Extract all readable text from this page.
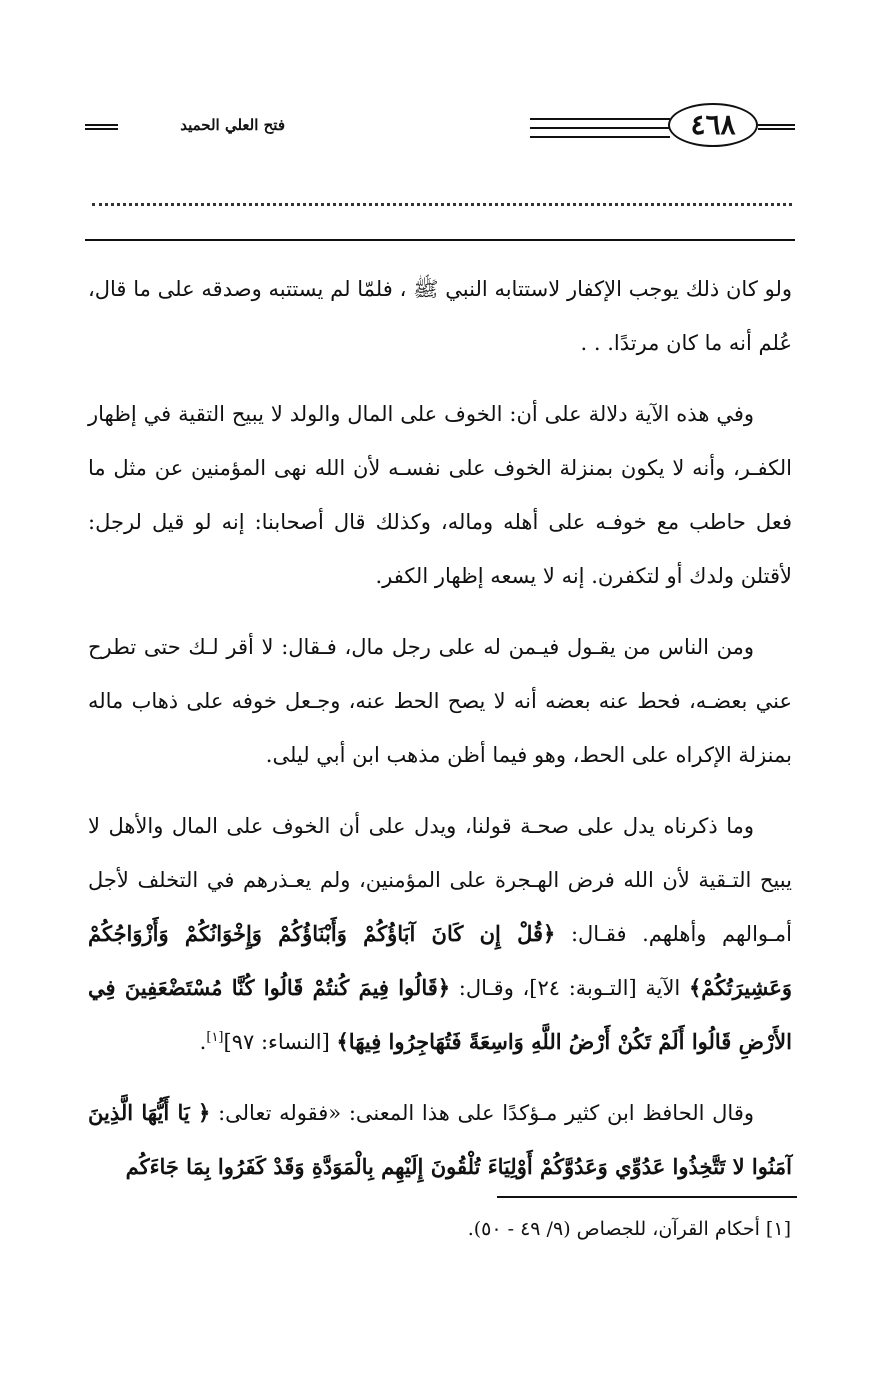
فتح العلي الحميد	٤٦٨

ولو كان ذلك يوجب الإكفار لاستتابه النبي ﷺ ، فلمّا لم يستتبه وصدقه على ما قال، عُلم أنه ما كان مرتدًا. . .

وفي هذه الآية دلالة على أن: الخوف على المال والولد لا يبيح التقية في إظهار الكفـر، وأنه لا يكون بمنزلة الخوف على نفسـه لأن الله نهى المؤمنين عن مثل ما فعل حاطب مع خوفـه على أهله وماله، وكذلك قال أصحابنا: إنه لو قيل لرجل: لأقتلن ولدك أو لتكفرن. إنه لا يسعه إظهار الكفر.

ومن الناس من يقـول فيـمن له على رجل مال، فـقال: لا أقر لـك حتى تطرح عني بعضـه، فحط عنه بعضه أنه لا يصح الحط عنه، وجـعل خوفه على ذهاب ماله بمنزلة الإكراه على الحط، وهو فيما أظن مذهب ابن أبي ليلى.

وما ذكرناه يدل على صحـة قولنا، ويدل على أن الخوف على المال والأهل لا يبيح التـقية لأن الله فرض الهـجرة على المؤمنين، ولم يعـذرهم في التخلف لأجل أمـوالهم وأهلهم. فقـال: ﴿قُلْ إِن كَانَ آبَاؤُكُمْ وَأَبْنَاؤُكُمْ وَإِخْوَانُكُمْ وَأَزْوَاجُكُمْ وَعَشِيرَتُكُمْ﴾ الآية [التـوبة: ٢٤]، وقـال: ﴿قَالُوا فِيمَ كُنتُمْ قَالُوا كُنَّا مُسْتَضْعَفِينَ فِي الأَرْضِ قَالُوا أَلَمْ تَكُنْ أَرْضُ اللَّهِ وَاسِعَةً فَتُهَاجِرُوا فِيهَا﴾ [النساء: ٩٧][١].

وقال الحافظ ابن كثير مـؤكدًا على هذا المعنى: «فقوله تعالى: ﴿ يَا أَيُّهَا الَّذِينَ آمَنُوا لا تَتَّخِذُوا عَدُوِّي وَعَدُوَّكُمْ أَوْلِيَاءَ تُلْقُونَ إِلَيْهِم بِالْمَوَدَّةِ وَقَدْ كَفَرُوا بِمَا جَاءَكُم

[١] أحكام القرآن، للجصاص (٩/ ٤٩ - ٥٠).
